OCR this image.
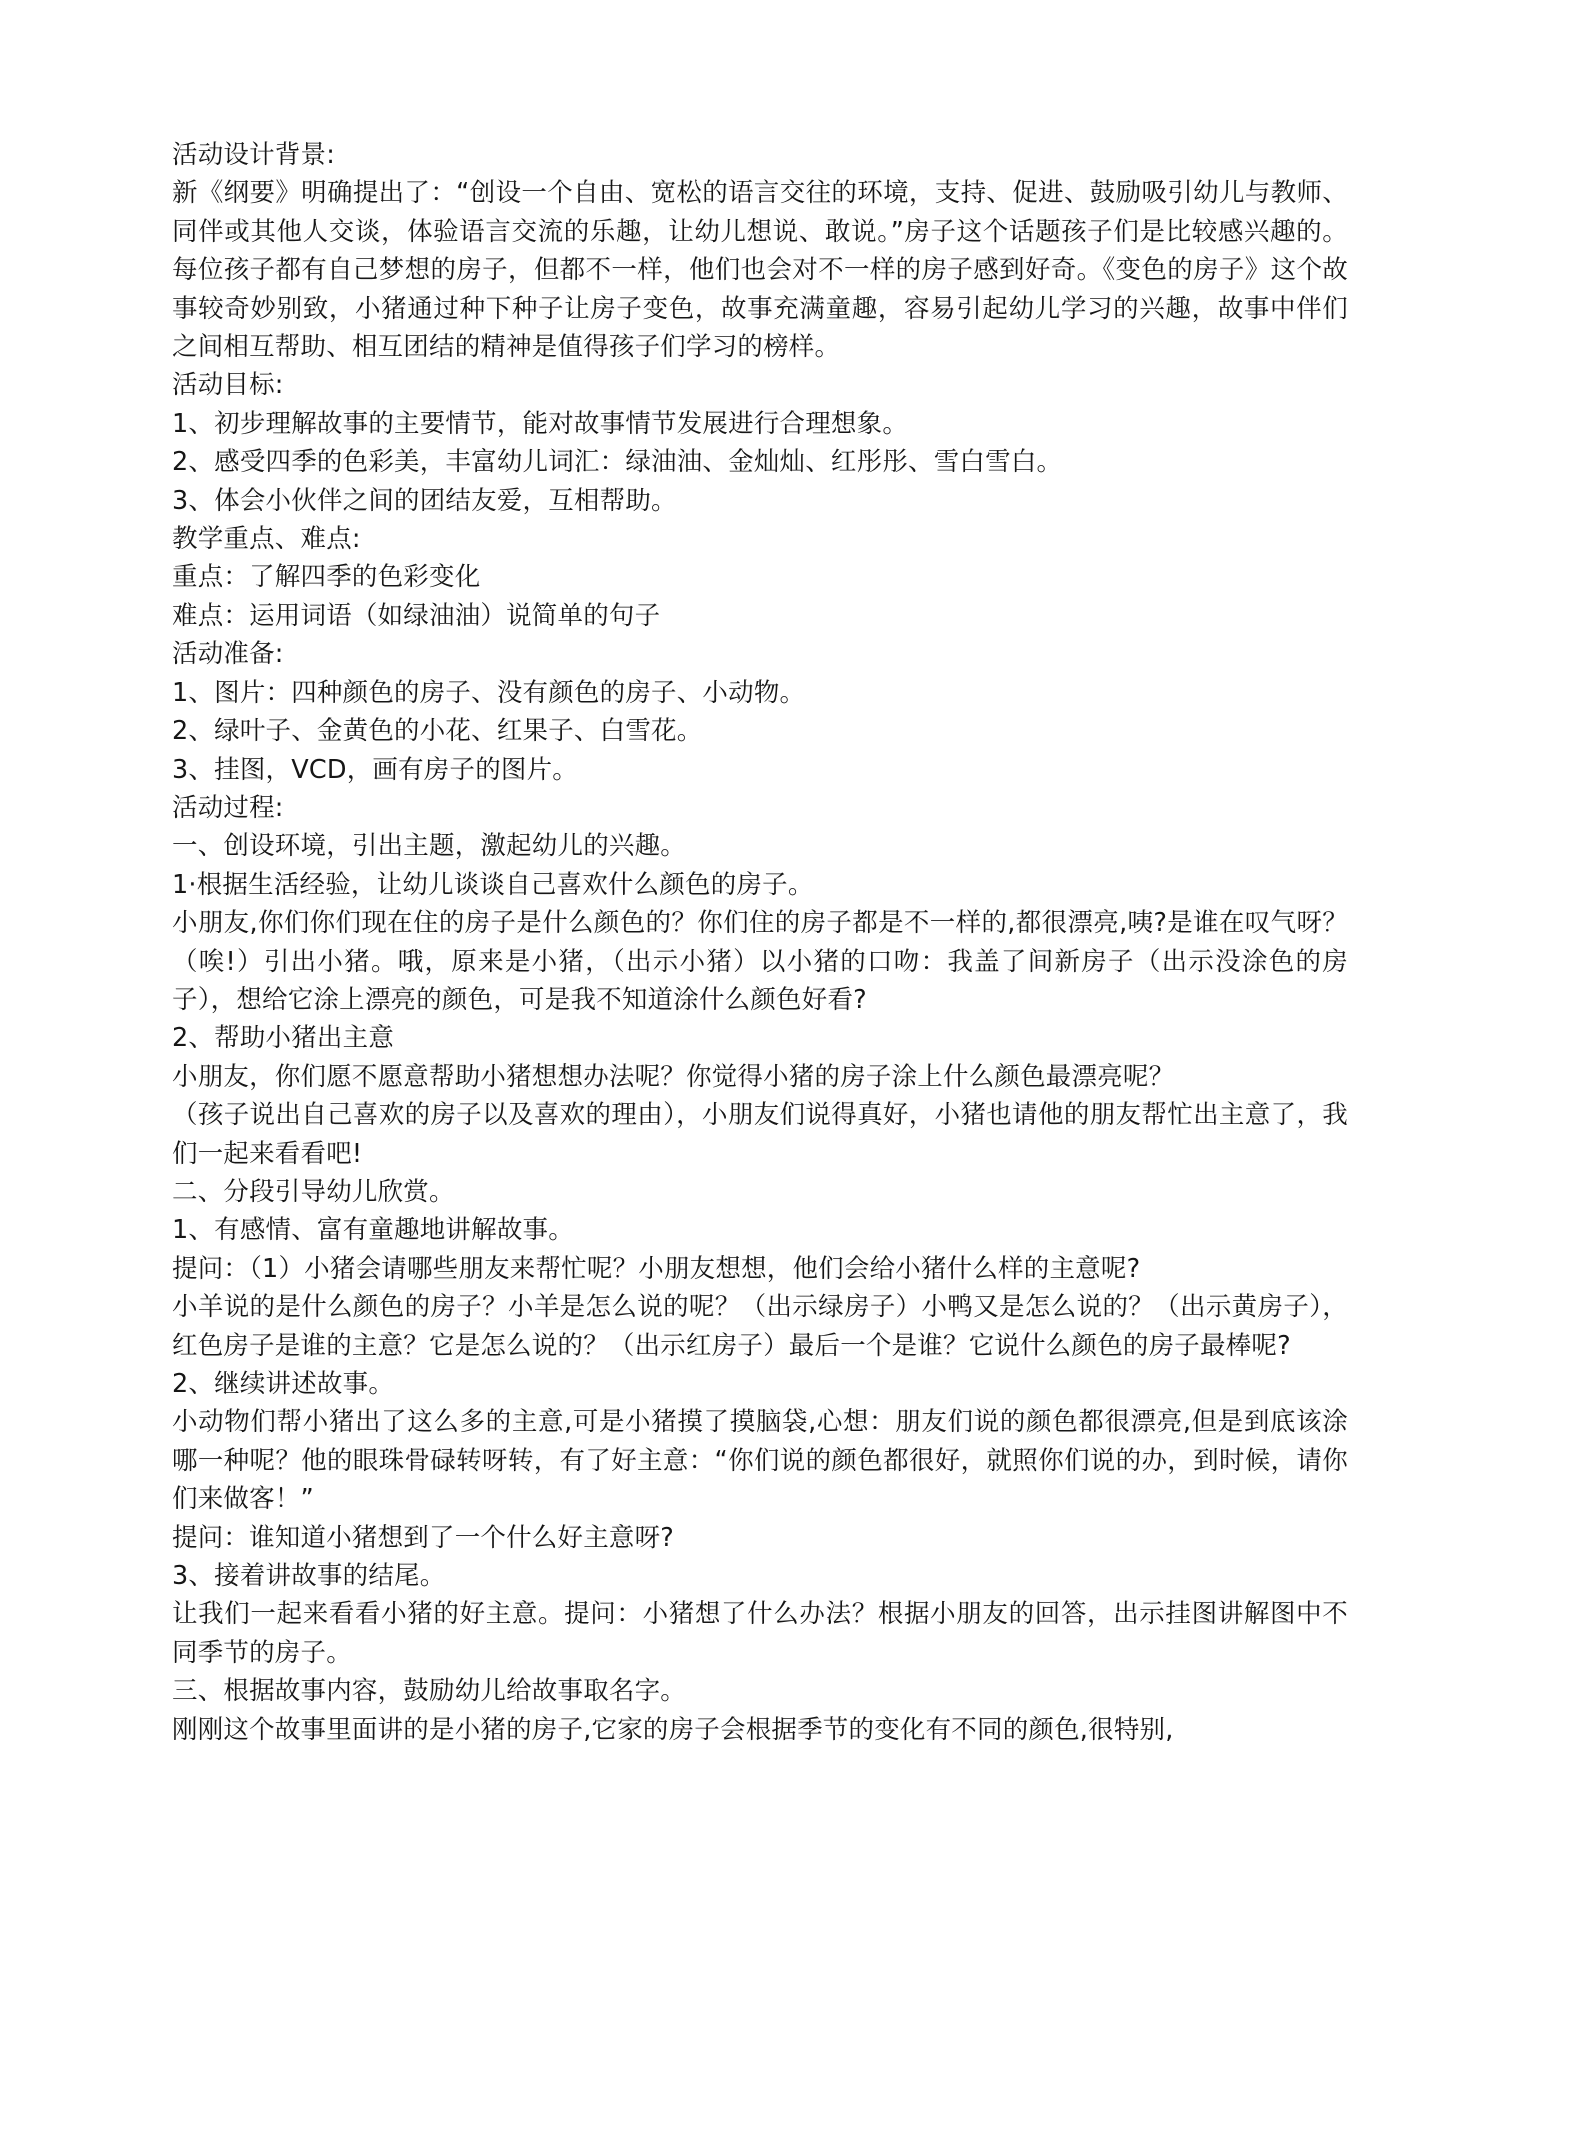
活动设计背景:
新《纲要》明确提出了：“创设一个自由、宽松的语言交往的环境，支持、促进、鼓励吸引幼儿与教师、同伴或其他人交谈，体验语言交流的乐趣，让幼儿想说、敢说。”房子这个话题孩子们是比较感兴趣的。每位孩子都有自己梦想的房子，但都不一样，他们也会对不一样的房子感到好奇。《变色的房子》这个故事较奇妙别致，小猪通过种下种子让房子变色，故事充满童趣，容易引起幼儿学习的兴趣，故事中伴们之间相互帮助、相互团结的精神是值得孩子们学习的榜样。
活动目标:
1、初步理解故事的主要情节，能对故事情节发展进行合理想象。
2、感受四季的色彩美，丰富幼儿词汇：绿油油、金灿灿、红彤彤、雪白雪白。
3、体会小伙伴之间的团结友爱，互相帮助。
教学重点、难点:
重点：了解四季的色彩变化
难点：运用词语（如绿油油）说简单的句子
活动准备:
1、图片：四种颜色的房子、没有颜色的房子、小动物。
2、绿叶子、金黄色的小花、红果子、白雪花。
3、挂图，VCD，画有房子的图片。
活动过程:
一、创设环境，引出主题，激起幼儿的兴趣。
1·根据生活经验，让幼儿谈谈自己喜欢什么颜色的房子。
小朋友,你们你们现在住的房子是什么颜色的？你们住的房子都是不一样的,都很漂亮,咦?是谁在叹气呀？（唉!）引出小猪。哦，原来是小猪，（出示小猪）以小猪的口吻：我盖了间新房子（出示没涂色的房子），想给它涂上漂亮的颜色，可是我不知道涂什么颜色好看?
2、帮助小猪出主意
小朋友，你们愿不愿意帮助小猪想想办法呢？你觉得小猪的房子涂上什么颜色最漂亮呢？
（孩子说出自己喜欢的房子以及喜欢的理由），小朋友们说得真好，小猪也请他的朋友帮忙出主意了，我们一起来看看吧!
二、分段引导幼儿欣赏。
1、有感情、富有童趣地讲解故事。
提问：（1）小猪会请哪些朋友来帮忙呢？小朋友想想，他们会给小猪什么样的主意呢?
小羊说的是什么颜色的房子？小羊是怎么说的呢？（出示绿房子）小鸭又是怎么说的？（出示黄房子），红色房子是谁的主意？它是怎么说的？（出示红房子）最后一个是谁？它说什么颜色的房子最棒呢?
2、继续讲述故事。
小动物们帮小猪出了这么多的主意,可是小猪摸了摸脑袋,心想：朋友们说的颜色都很漂亮,但是到底该涂哪一种呢？他的眼珠骨碌转呀转，有了好主意：“你们说的颜色都很好，就照你们说的办，到时候，请你们来做客！”
提问：谁知道小猪想到了一个什么好主意呀?
3、接着讲故事的结尾。
让我们一起来看看小猪的好主意。提问：小猪想了什么办法？根据小朋友的回答，出示挂图讲解图中不同季节的房子。
三、根据故事内容，鼓励幼儿给故事取名字。
刚刚这个故事里面讲的是小猪的房子,它家的房子会根据季节的变化有不同的颜色,很特别,
